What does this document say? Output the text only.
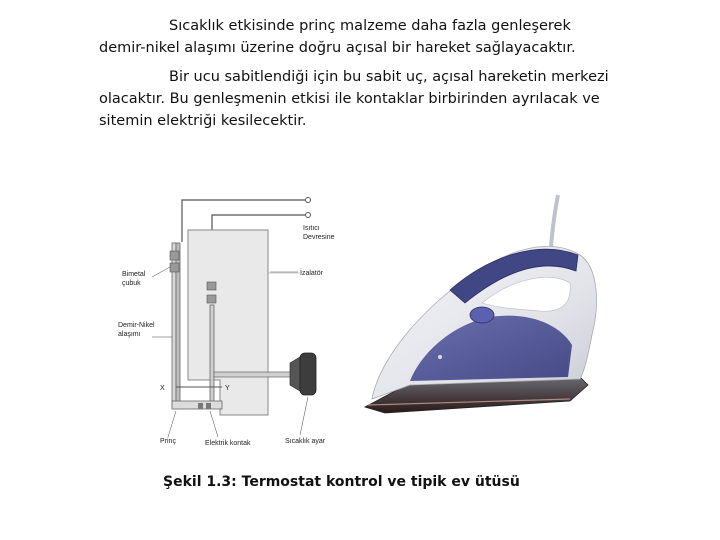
Sıcaklık etkisinde prinç malzeme daha fazla genleşerek demir-nikel alaşımı üzerine doğru açısal bir hareket sağlayacaktır.

Bir ucu sabitlendiği için bu sabit uç, açısal hareketin merkezi olacaktır. Bu genleşmenin etkisi ile kontaklar birbirinden ayrılacak ve sitemin elektriği kesilecektir.

Isıtıcı
Devresine
İzalatör
Bimetal
çubuk
Demir-Nikel
alaşımı
X	Y
Prinç	Elektrik kontak	Sıcaklık ayar
Şekil 1.3: Termostat kontrol ve tipik ev ütüsü
